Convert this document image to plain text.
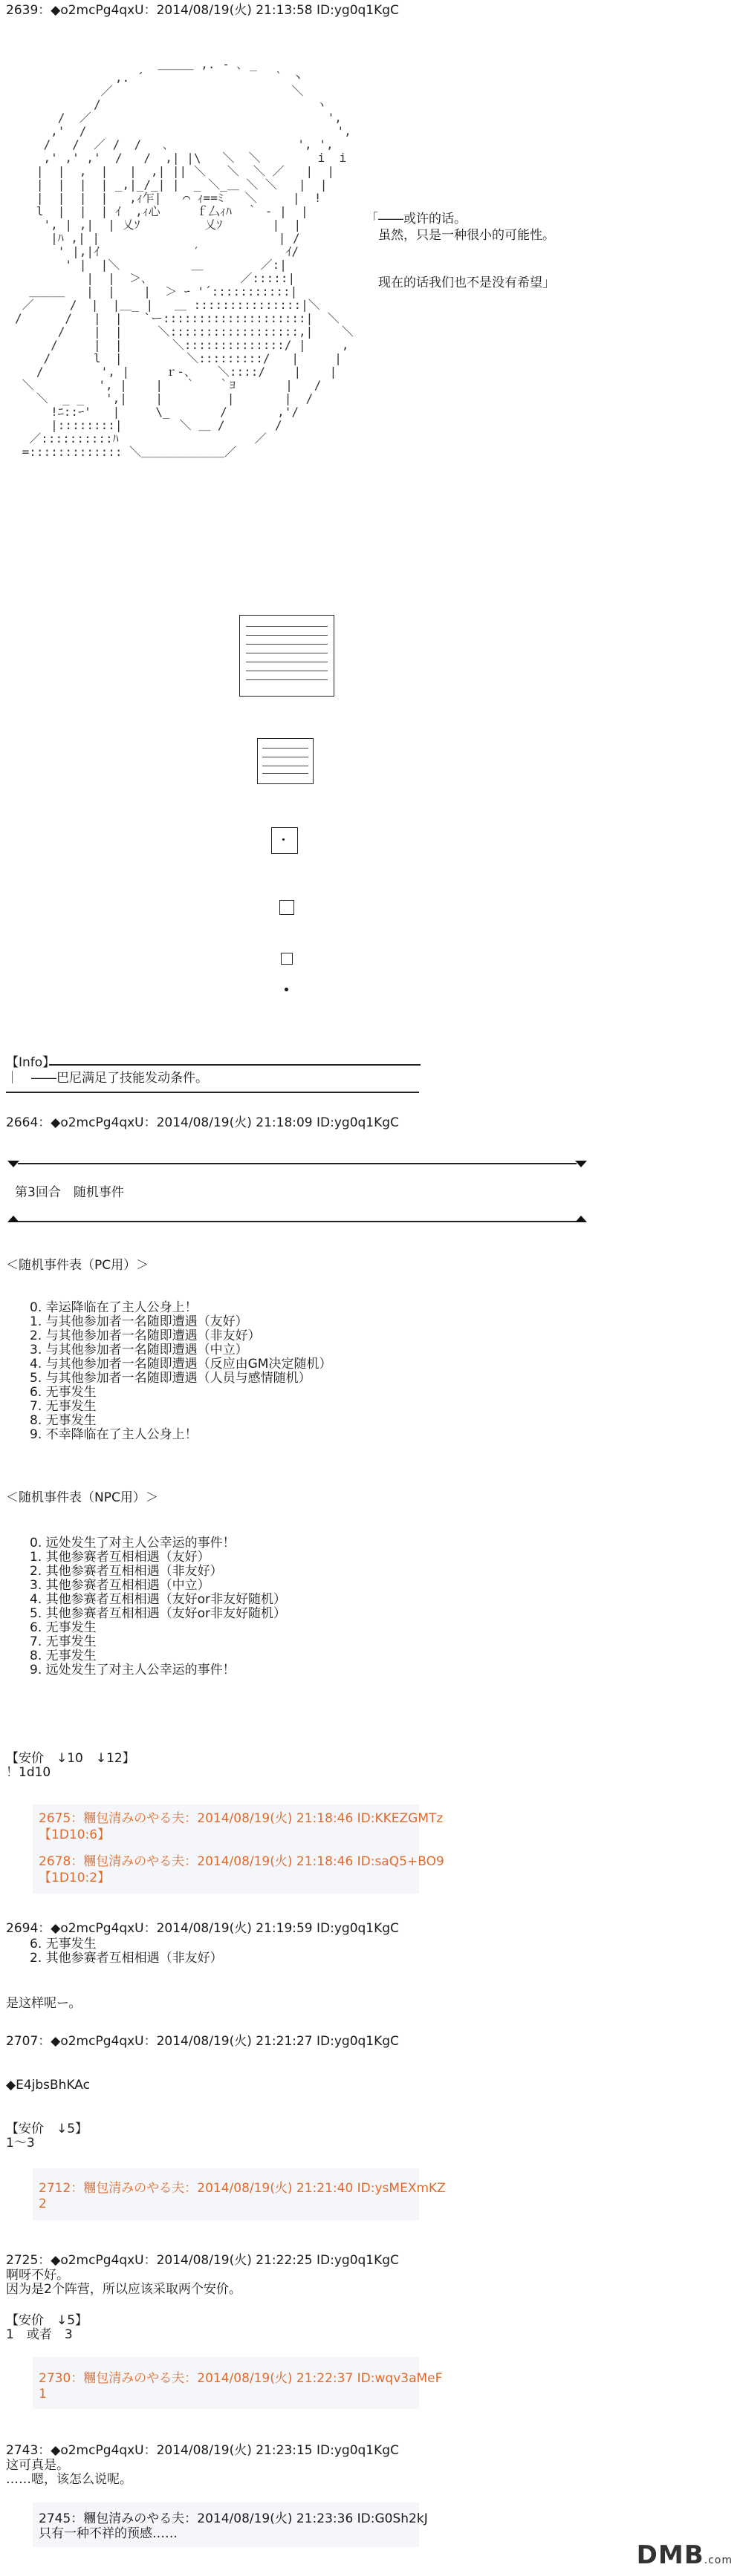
2639：◆o2mcPg4qxU：2014/08/19(火) 21:13:58 ID:yg0q1KgC
＿＿＿ ,. - ､ _
,. ´                  ｀ 丶
／                         ＼
/                              ヽ
/  ／                                 ',
,'  /                                   ',
/   /  ／ /  /   ､                  ', ',
,' ,' ,'  /   /  ,| |\   ＼  ＼        i  i
|  |  ,  |   |  ,| || ＼   ＼  ＼ ／   |  |
|  |  |  | _,|_/_| |  _ ＼_＿ ＼ ＼   |  |
|  |  |  |   ,ｨ乍|   ⌒ ｨ==ﾐ   ＼     |  !
l  |  |  | ｲ  ,ｨ心     ｆ厶ｨﾊ  ｀ ‐ |  |
', | ,|  | 乂ｿ         乂ｿ       |  |
|ﾊ ,| |                         | /
' |,|ｲ             ′            ｲ/
' |  |＼          ＿        ／:|
|  |  ＞､             ／:::::|
＿＿＿   |  |    |  ＞ ｰ '´:::::::::::|
／     /  |  |＿_ |   ＿ :::::::::::::::|＼
/      /   |  |   `ー::::::::::::::::::::|  ＼
/    |  |     ＼::::::::::::::::::,|    ＼
/     |  |       ＼::::::::::::::/ |     ,
/      l  |         ＼:::::::::/   |     |
/        ', |     ｒ-、   ＼::::/    |    |
＼         ', |    |   ｀   ｀ﾖ       |   /
＼  _ _   ',|    |         |       |  /
!ﾆ::ｰ'   |     \_       /       ,'/
|::::::::|        ＼ ＿ /       /
／::::::::::ﾊ                   ／
=::::::::::::: ＼＿＿＿＿＿＿＿／
「――或许的话。
　虽然，只是一种很小的可能性。
　现在的话我们也不是没有希望」
【Info】
｜　――巴尼满足了技能发动条件。
2664：◆o2mcPg4qxU：2014/08/19(火) 21:18:09 ID:yg0q1KgC
第3回合　随机事件
＜随机事件表（PC用）＞
0. 幸运降临在了主人公身上！
1. 与其他参加者一名随即遭遇（友好）
2. 与其他参加者一名随即遭遇（非友好）
3. 与其他参加者一名随即遭遇（中立）
4. 与其他参加者一名随即遭遇（反应由GM决定随机）
5. 与其他参加者一名随即遭遇（人员与感情随机）
6. 无事发生
7. 无事发生
8. 无事发生
9. 不幸降临在了主人公身上！
＜随机事件表（NPC用）＞
0. 远处发生了对主人公幸运的事件！
1. 其他参赛者互相相遇（友好）
2. 其他参赛者互相相遇（非友好）
3. 其他参赛者互相相遇（中立）
4. 其他参赛者互相相遇（友好or非友好随机）
5. 其他参赛者互相相遇（友好or非友好随机）
6. 无事发生
7. 无事发生
8. 无事发生
9. 远处发生了对主人公幸运的事件！
【安价　↓10　↓12】
！1d10
2675：糰包清みのやる夫：2014/08/19(火) 21:18:46 ID:KKEZGMTz
【1D10:6】
2678：糰包清みのやる夫：2014/08/19(火) 21:18:46 ID:saQ5+BO9
【1D10:2】
2694：◆o2mcPg4qxU：2014/08/19(火) 21:19:59 ID:yg0q1KgC
6. 无事发生
2. 其他参赛者互相相遇（非友好）
是这样呢ー。
2707：◆o2mcPg4qxU：2014/08/19(火) 21:21:27 ID:yg0q1KgC
◆E4jbsBhKAc
【安价　↓5】
1～3
2712：糰包清みのやる夫：2014/08/19(火) 21:21:40 ID:ysMEXmKZ
2
2725：◆o2mcPg4qxU：2014/08/19(火) 21:22:25 ID:yg0q1KgC
啊呀不好。
因为是2个阵营，所以应该采取两个安价。
【安价　↓5】
1　或者　3
2730：糰包清みのやる夫：2014/08/19(火) 21:22:37 ID:wqv3aMeF
1
2743：◆o2mcPg4qxU：2014/08/19(火) 21:23:15 ID:yg0q1KgC
这可真是。
……嗯，该怎么说呢。
2745：糰包清みのやる夫：2014/08/19(火) 21:23:36 ID:G0Sh2kJ
只有一种不祥的预感……
DMB.com
